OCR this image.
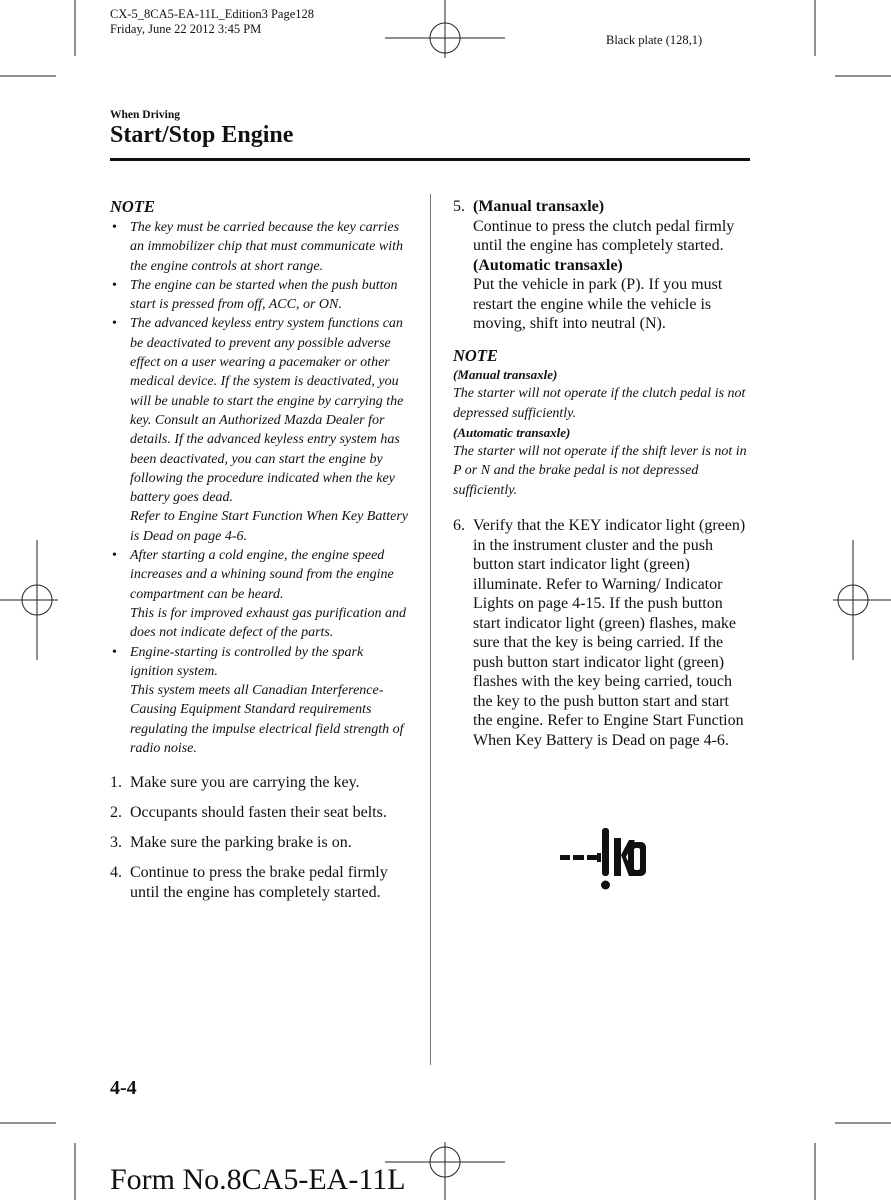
CX-5_8CA5-EA-11L_Edition3 Page128
Friday, June 22 2012 3:45 PM
Black plate (128,1)
When Driving
Start/Stop Engine
NOTE
• The key must be carried because the key carries an immobilizer chip that must communicate with the engine controls at short range.
• The engine can be started when the push button start is pressed from off, ACC, or ON.
• The advanced keyless entry system functions can be deactivated to prevent any possible adverse effect on a user wearing a pacemaker or other medical device. If the system is deactivated, you will be unable to start the engine by carrying the key. Consult an Authorized Mazda Dealer for details. If the advanced keyless entry system has been deactivated, you can start the engine by following the procedure indicated when the key battery goes dead.
Refer to Engine Start Function When Key Battery is Dead on page 4-6.
• After starting a cold engine, the engine speed increases and a whining sound from the engine compartment can be heard.
This is for improved exhaust gas purification and does not indicate defect of the parts.
• Engine-starting is controlled by the spark ignition system.
This system meets all Canadian Interference-Causing Equipment Standard requirements regulating the impulse electrical field strength of radio noise.
1. Make sure you are carrying the key.
2. Occupants should fasten their seat belts.
3. Make sure the parking brake is on.
4. Continue to press the brake pedal firmly until the engine has completely started.
5. (Manual transaxle)
Continue to press the clutch pedal firmly until the engine has completely started.
(Automatic transaxle)
Put the vehicle in park (P). If you must restart the engine while the vehicle is moving, shift into neutral (N).
NOTE
(Manual transaxle)
The starter will not operate if the clutch pedal is not depressed sufficiently.
(Automatic transaxle)
The starter will not operate if the shift lever is not in P or N and the brake pedal is not depressed sufficiently.
6. Verify that the KEY indicator light (green) in the instrument cluster and the push button start indicator light (green) illuminate. Refer to Warning/ Indicator Lights on page 4-15. If the push button start indicator light (green) flashes, make sure that the key is being carried. If the push button start indicator light (green) flashes with the key being carried, touch the key to the push button start and start the engine. Refer to Engine Start Function When Key Battery is Dead on page 4-6.
4-4
Form No.8CA5-EA-11L
